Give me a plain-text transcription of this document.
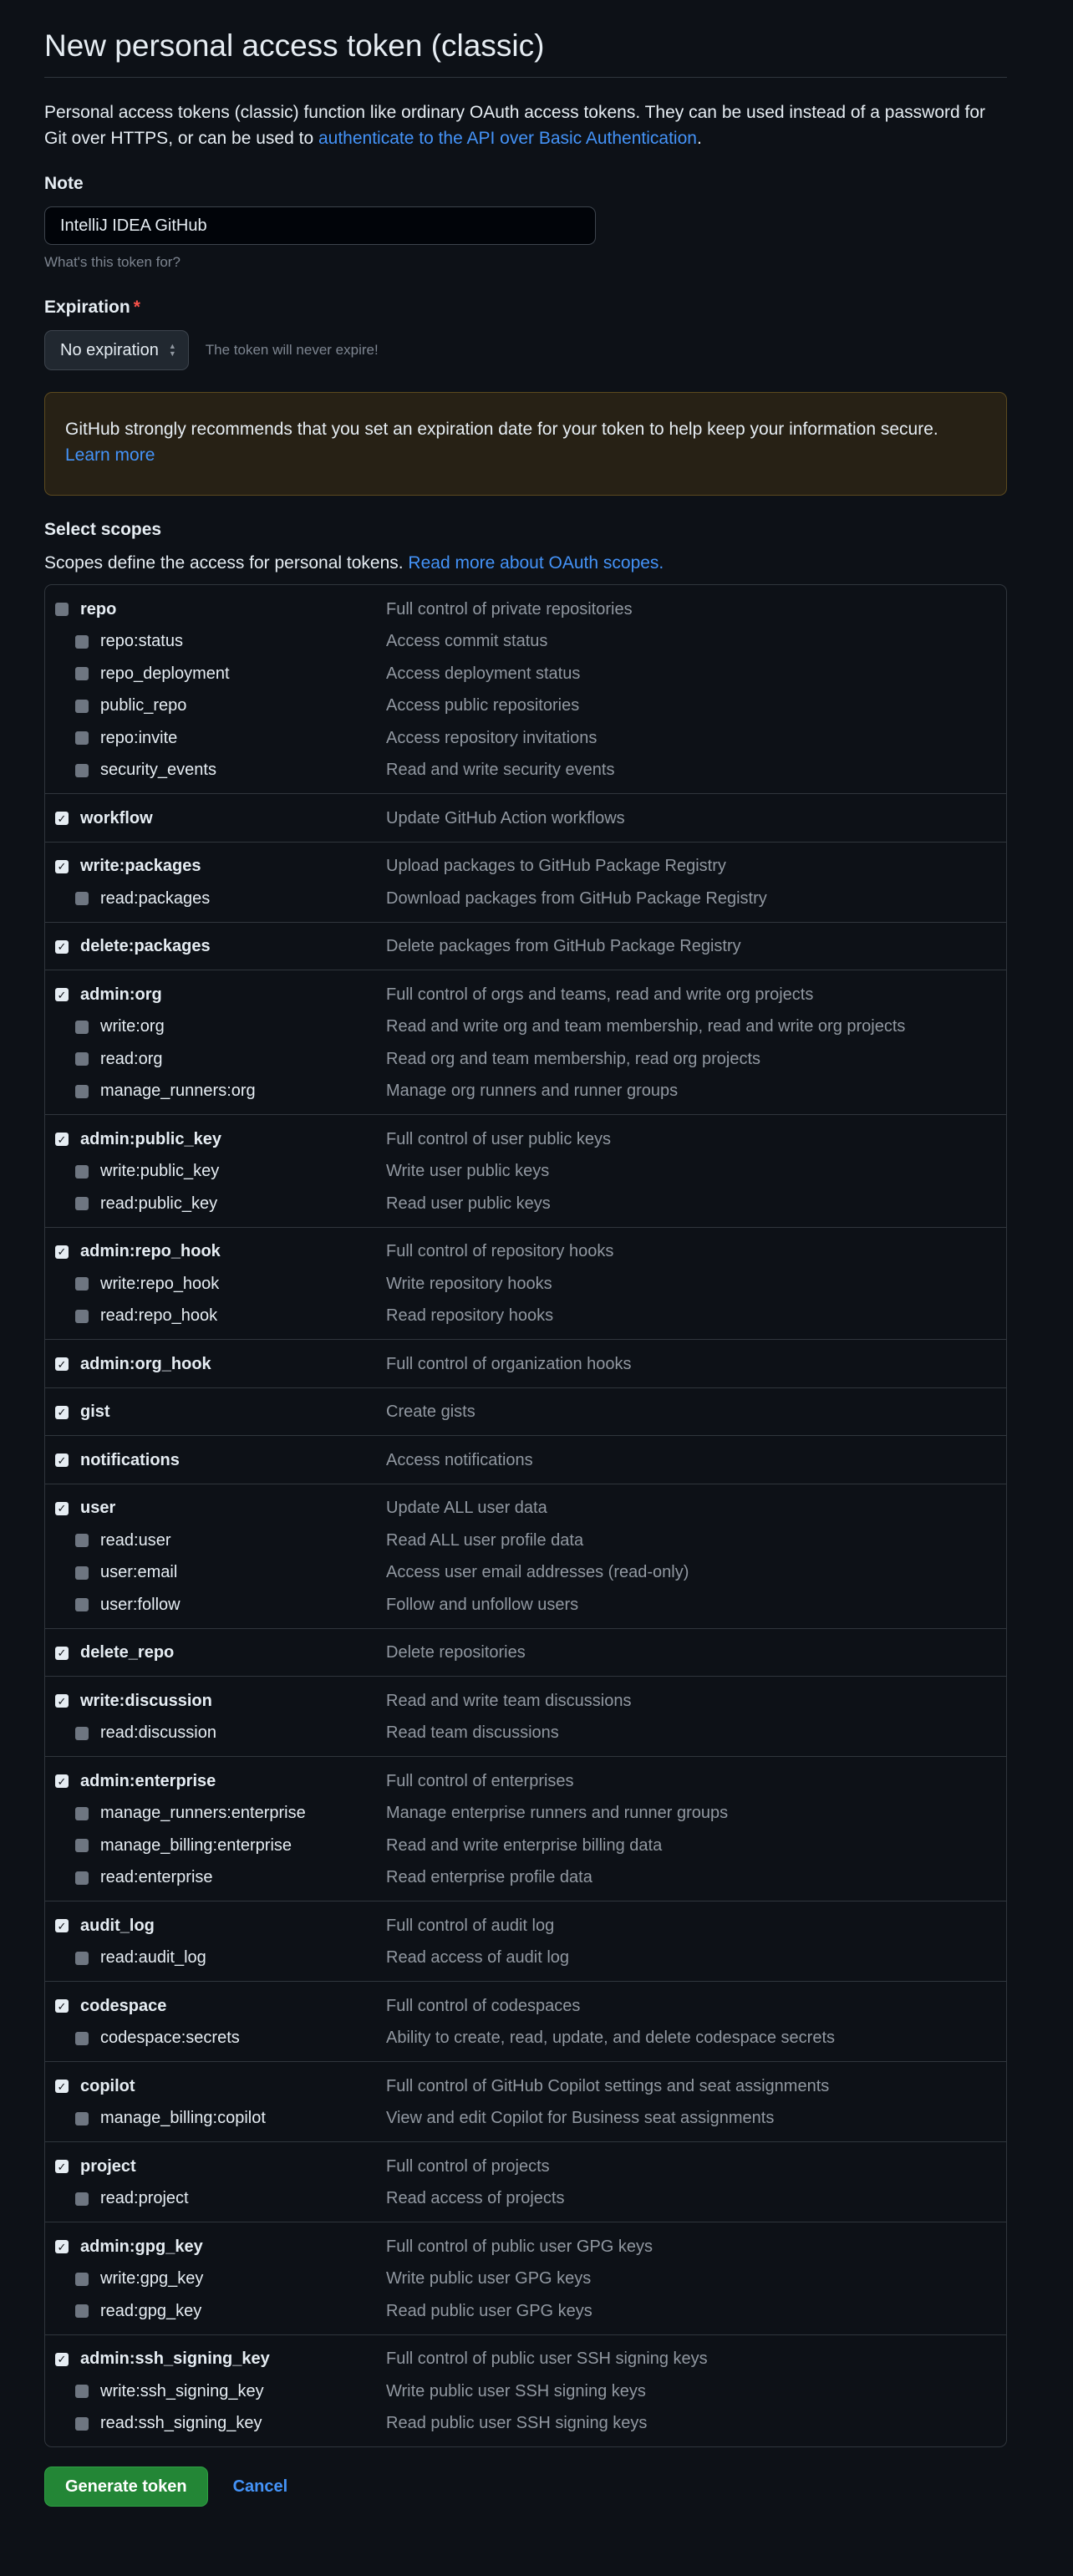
New personal access token (classic)
Personal access tokens (classic) function like ordinary OAuth access tokens. They can be used instead of a password for Git over HTTPS, or can be used to authenticate to the API over Basic Authentication.
Note
IntelliJ IDEA GitHub
What's this token for?
Expiration *
No expiration ▲
▼ The token will never expire!
GitHub strongly recommends that you set an expiration date for your token to help keep your information secure.
Learn more
Select scopes
Scopes define the access for personal tokens. Read more about OAuth scopes.
repo	Full control of private repositories
repo:status	Access commit status
repo_deployment	Access deployment status
public_repo	Access public repositories
repo:invite	Access repository invitations
security_events	Read and write security events
✓ workflow	Update GitHub Action workflows
✓ write:packages	Upload packages to GitHub Package Registry
read:packages	Download packages from GitHub Package Registry
✓ delete:packages	Delete packages from GitHub Package Registry
✓ admin:org	Full control of orgs and teams, read and write org projects
write:org	Read and write org and team membership, read and write org projects
read:org	Read org and team membership, read org projects
manage_runners:org	Manage org runners and runner groups
✓ admin:public_key	Full control of user public keys
write:public_key	Write user public keys
read:public_key	Read user public keys
✓ admin:repo_hook	Full control of repository hooks
write:repo_hook	Write repository hooks
read:repo_hook	Read repository hooks
✓ admin:org_hook	Full control of organization hooks
✓ gist	Create gists
✓ notifications	Access notifications
✓ user	Update ALL user data
read:user	Read ALL user profile data
user:email	Access user email addresses (read-only)
user:follow	Follow and unfollow users
✓ delete_repo	Delete repositories
✓ write:discussion	Read and write team discussions
read:discussion	Read team discussions
✓ admin:enterprise	Full control of enterprises
manage_runners:enterprise	Manage enterprise runners and runner groups
manage_billing:enterprise	Read and write enterprise billing data
read:enterprise	Read enterprise profile data
✓ audit_log	Full control of audit log
read:audit_log	Read access of audit log
✓ codespace	Full control of codespaces
codespace:secrets	Ability to create, read, update, and delete codespace secrets
✓ copilot	Full control of GitHub Copilot settings and seat assignments
manage_billing:copilot	View and edit Copilot for Business seat assignments
✓ project	Full control of projects
read:project	Read access of projects
✓ admin:gpg_key	Full control of public user GPG keys
write:gpg_key	Write public user GPG keys
read:gpg_key	Read public user GPG keys
✓ admin:ssh_signing_key	Full control of public user SSH signing keys
write:ssh_signing_key	Write public user SSH signing keys
read:ssh_signing_key	Read public user SSH signing keys
Generate token	Cancel
